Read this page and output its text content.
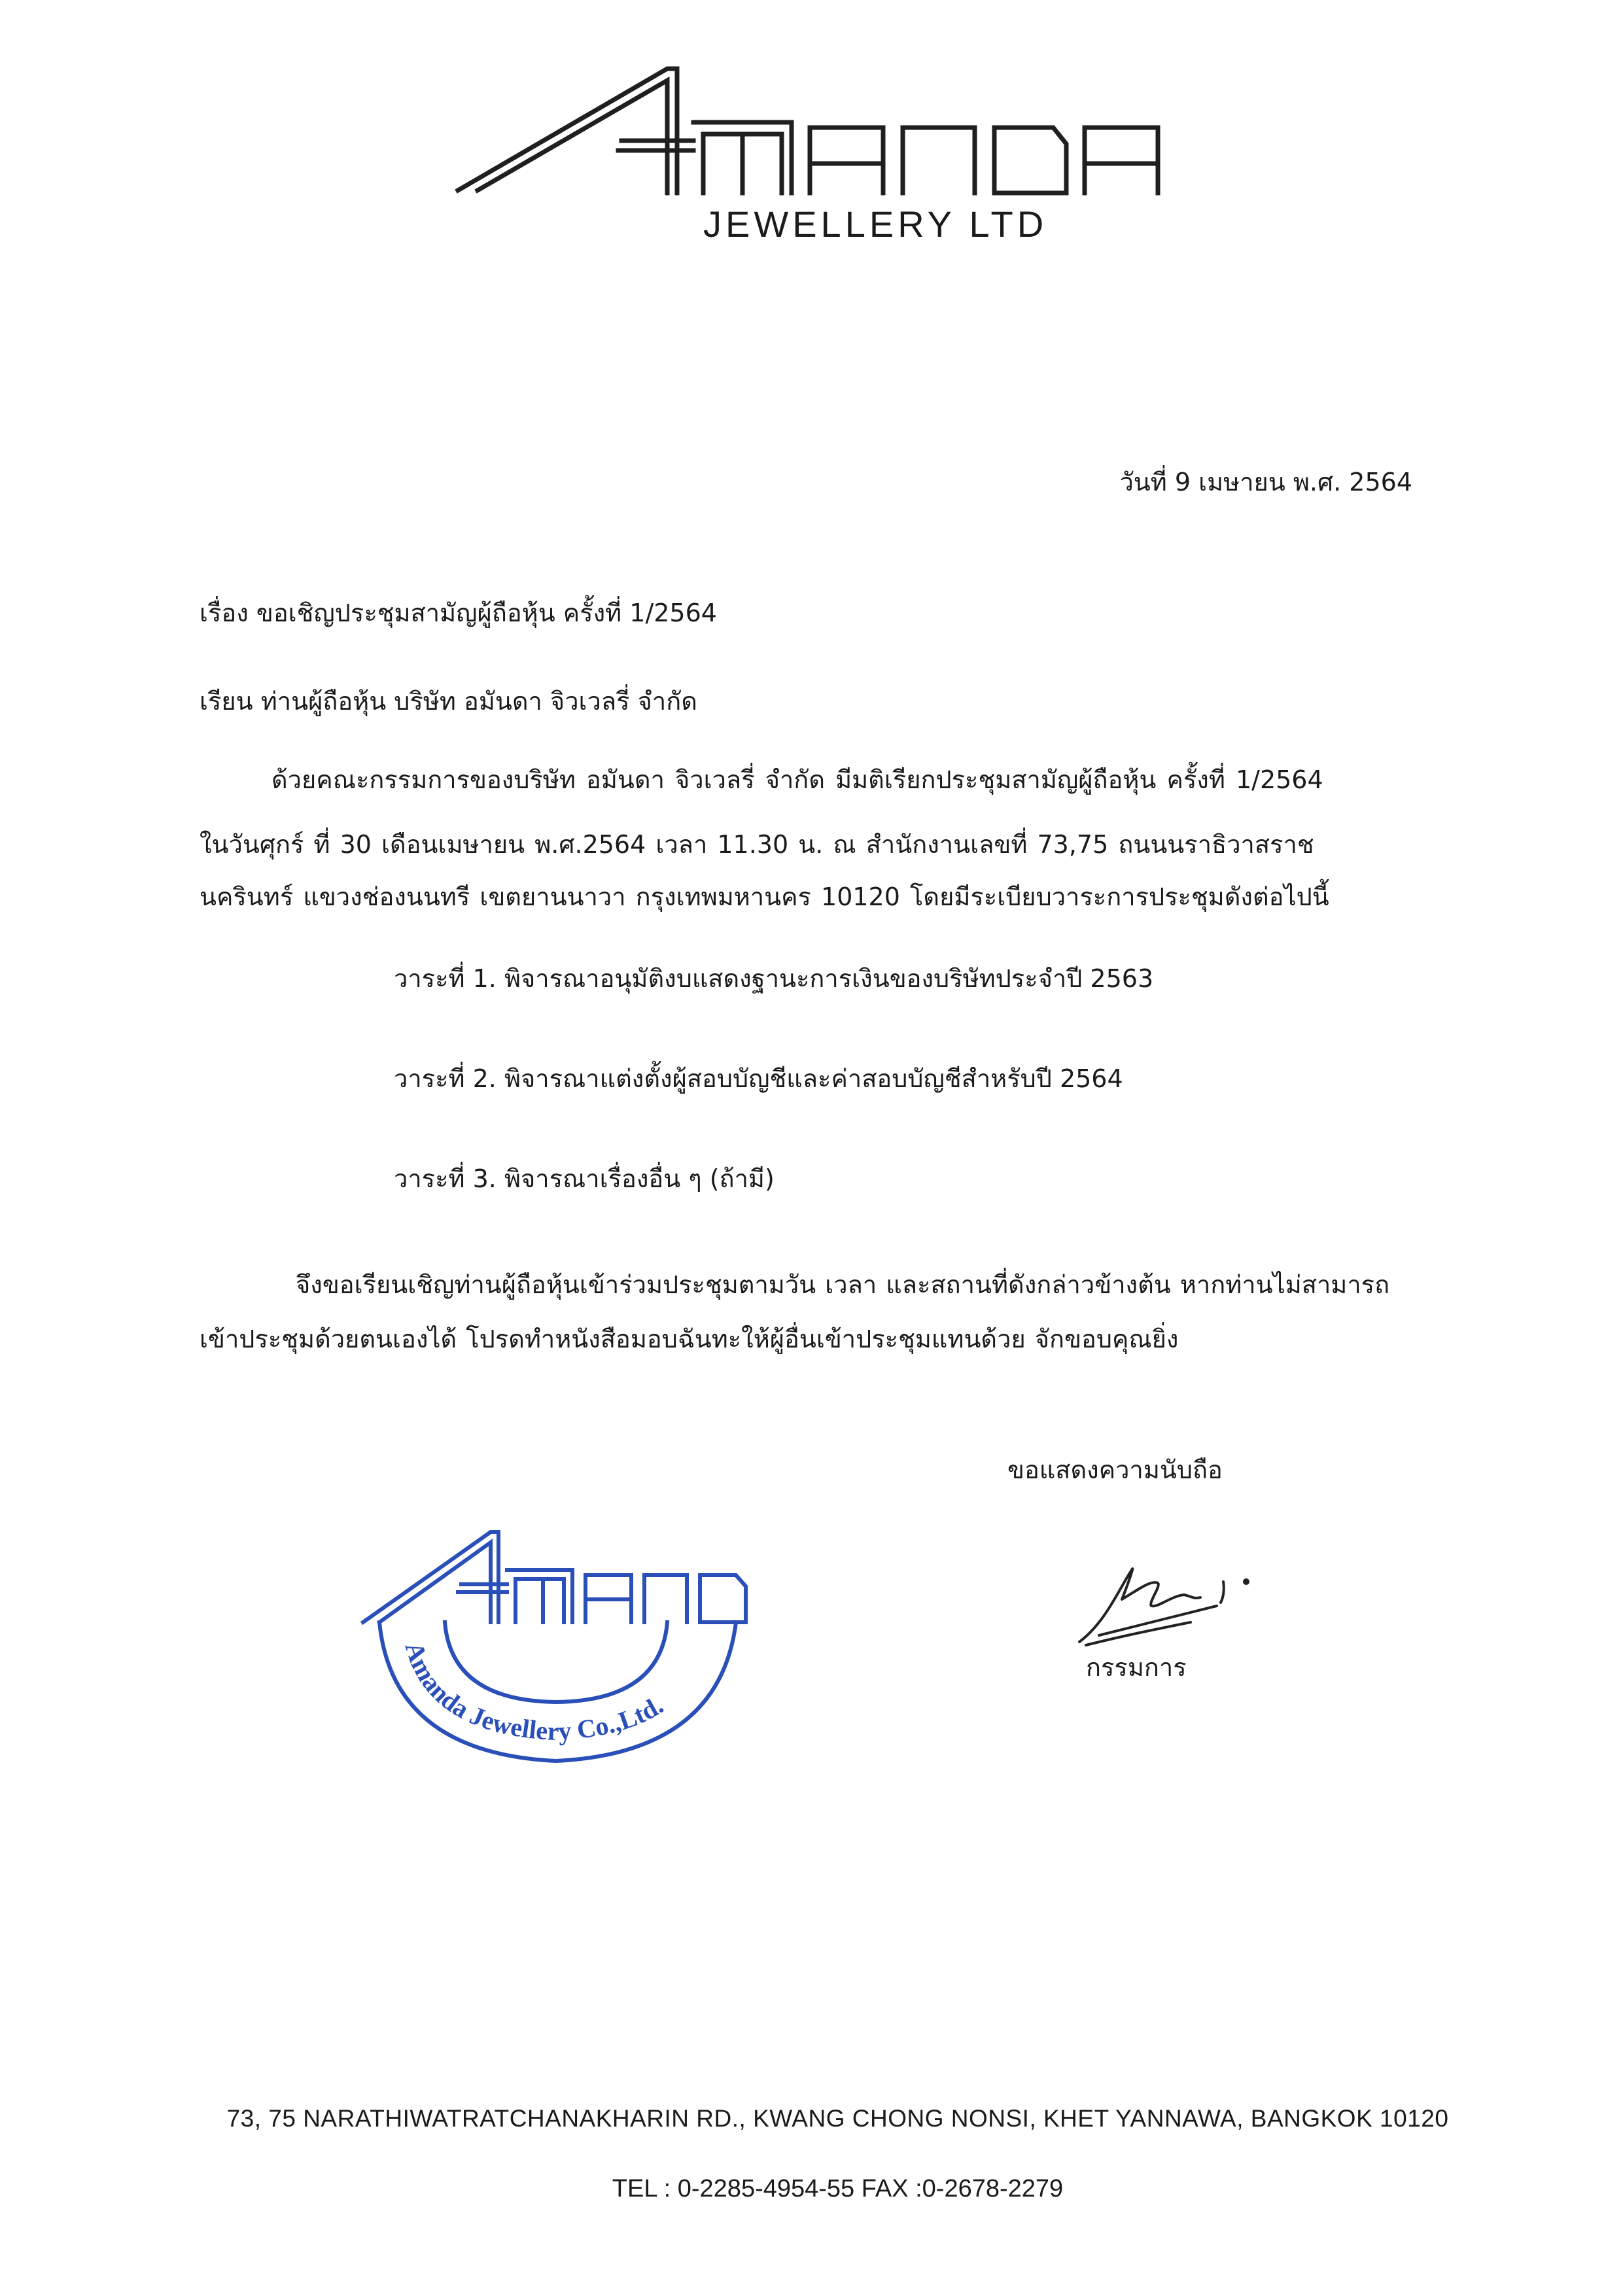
JEWELLERY LTD
วันที่ 9 เมษายน พ.ศ. 2564
เรื่อง ขอเชิญประชุมสามัญผู้ถือหุ้น ครั้งที่ 1/2564
เรียน ท่านผู้ถือหุ้น บริษัท อมันดา จิวเวลรี่ จำกัด
ด้วยคณะกรรมการของบริษัท อมันดา จิวเวลรี่ จำกัด มีมติเรียกประชุมสามัญผู้ถือหุ้น ครั้งที่ 1/2564
ในวันศุกร์ ที่ 30 เดือนเมษายน พ.ศ.2564 เวลา 11.30 น. ณ สำนักงานเลขที่ 73,75 ถนนนราธิวาสราช
นครินทร์ แขวงช่องนนทรี เขตยานนาวา กรุงเทพมหานคร 10120 โดยมีระเบียบวาระการประชุมดังต่อไปนี้
วาระที่ 1. พิจารณาอนุมัติงบแสดงฐานะการเงินของบริษัทประจำปี 2563
วาระที่ 2. พิจารณาแต่งตั้งผู้สอบบัญชีและค่าสอบบัญชีสำหรับปี 2564
วาระที่ 3. พิจารณาเรื่องอื่น ๆ (ถ้ามี)
จึงขอเรียนเชิญท่านผู้ถือหุ้นเข้าร่วมประชุมตามวัน เวลา และสถานที่ดังกล่าวข้างต้น หากท่านไม่สามารถ
เข้าประชุมด้วยตนเองได้ โปรดทำหนังสือมอบฉันทะให้ผู้อื่นเข้าประชุมแทนด้วย จักขอบคุณยิ่ง
ขอแสดงความนับถือ
Amanda Jewellery Co.,Ltd.
กรรมการ
73, 75 NARATHIWATRATCHANAKHARIN RD., KWANG CHONG NONSI, KHET YANNAWA, BANGKOK 10120
TEL : 0-2285-4954-55 FAX :0-2678-2279
